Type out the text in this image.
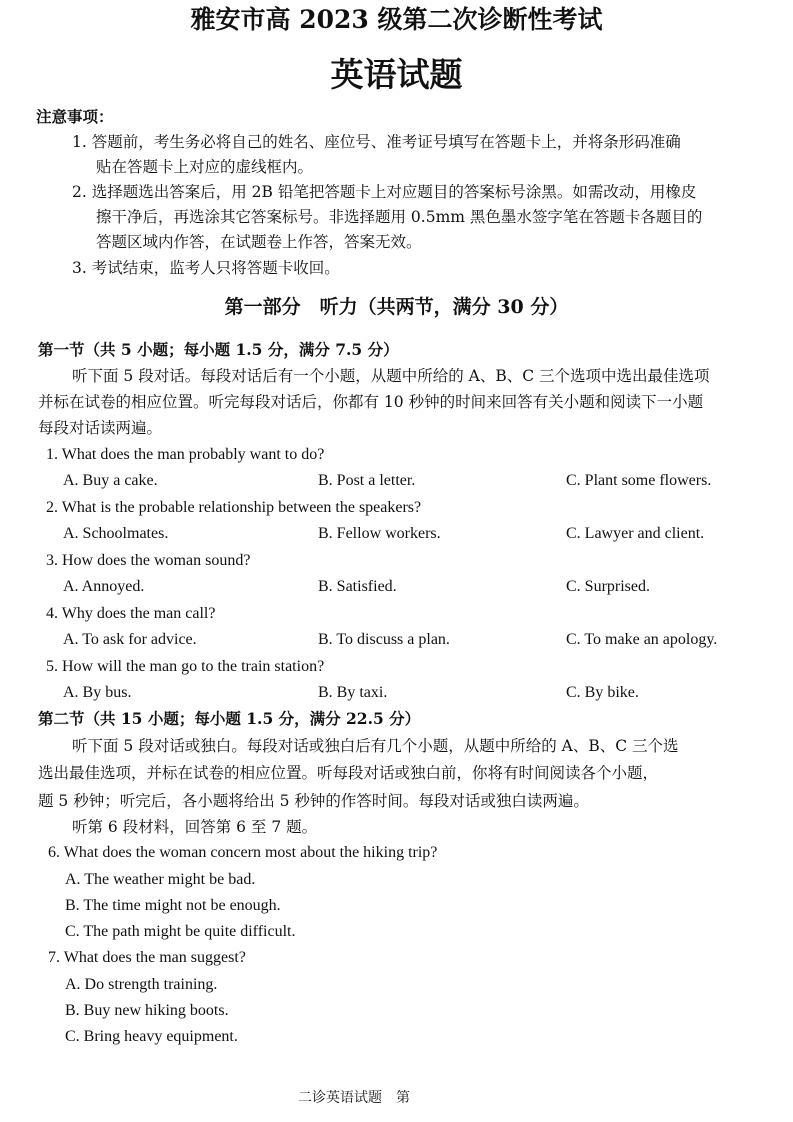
雅安市高 2023 级第二次诊断性考试
英语试题
注意事项：
1. 答题前，考生务必将自己的姓名、座位号、准考证号填写在答题卡上，并将条形码准确
贴在答题卡上对应的虚线框内。
2. 选择题选出答案后，用 2B 铅笔把答题卡上对应题目的答案标号涂黑。如需改动，用橡皮
擦干净后，再选涂其它答案标号。非选择题用 0.5mm 黑色墨水签字笔在答题卡各题目的
答题区域内作答，在试题卷上作答，答案无效。
3. 考试结束，监考人只将答题卡收回。
第一部分　听力（共两节，满分 30 分）
第一节（共 5 小题；每小题 1.5 分，满分 7.5 分）
听下面 5 段对话。每段对话后有一个小题，从题中所给的 A、B、C 三个选项中选出最佳选项
并标在试卷的相应位置。听完每段对话后，你都有 10 秒钟的时间来回答有关小题和阅读下一小题
每段对话读两遍。
1. What does the man probably want to do?
A. Buy a cake.	B. Post a letter.	C. Plant some flowers.
2. What is the probable relationship between the speakers?
A. Schoolmates.	B. Fellow workers.	C. Lawyer and client.
3. How does the woman sound?
A. Annoyed.	B. Satisfied.	C. Surprised.
4. Why does the man call?
A. To ask for advice.	B. To discuss a plan.	C. To make an apology.
5. How will the man go to the train station?
A. By bus.	B. By taxi.	C. By bike.
第二节（共 15 小题；每小题 1.5 分，满分 22.5 分）
听下面 5 段对话或独白。每段对话或独白后有几个小题，从题中所给的 A、B、C 三个选
选出最佳选项，并标在试卷的相应位置。听每段对话或独白前，你将有时间阅读各个小题，
题 5 秒钟；听完后，各小题将给出 5 秒钟的作答时间。每段对话或独白读两遍。
听第 6 段材料，回答第 6 至 7 题。
6. What does the woman concern most about the hiking trip?
A. The weather might be bad.
B. The time might not be enough.
C. The path might be quite difficult.
7. What does the man suggest?
A. Do strength training.
B. Buy new hiking boots.
C. Bring heavy equipment.
二诊英语试题　第
